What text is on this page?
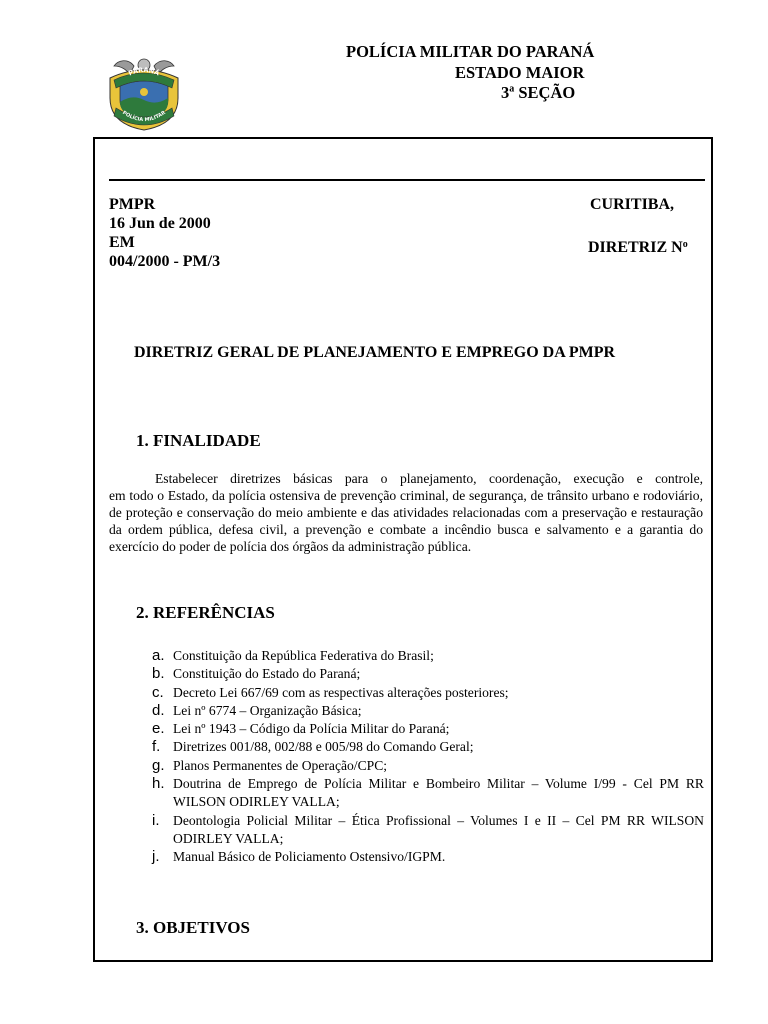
PARANÁ
POLÍCIA MILITAR
POLÍCIA MILITAR DO PARANÁ
ESTADO MAIOR
3$^a$ SEÇÃO
PMPR
16 Jun de 2000
EM
004/2000 - PM/3
CURITIBA,
DIRETRIZ $N^o$
DIRETRIZ GERAL DE PLANEJAMENTO E EMPREGO DA PMPR
1. FINALIDADE
Estabelecer diretrizes básicas para o planejamento, coordenação, execução e controle,
em todo o Estado, da polícia ostensiva de prevenção criminal, de segurança, de trânsito urbano e rodoviário, de proteção e conservação do meio ambiente e das atividades relacionadas com a preservação e restauração da ordem pública, defesa civil, a prevenção e combate a incêndio busca e salvamento e a garantia do exercício do poder de polícia dos órgãos da administração pública.
2. REFERÊNCIAS
a. Constituição da República Federativa do Brasil;
b. Constituição do Estado do Paraná;
c. Decreto Lei 667/69 com as respectivas alterações posteriores;
d. Lei nº 6774 – Organização Básica;
e. Lei nº 1943 – Código da Polícia Militar do Paraná;
f. Diretrizes 001/88, 002/88 e 005/98 do Comando Geral;
g. Planos Permanentes de Operação/CPC;
h. Doutrina de Emprego de Polícia Militar e Bombeiro Militar – Volume I/99 - Cel PM RR WILSON ODIRLEY VALLA;
i. Deontologia Policial Militar – Ética Profissional – Volumes I e II – Cel PM RR WILSON ODIRLEY VALLA;
j. Manual Básico de Policiamento Ostensivo/IGPM.
3. OBJETIVOS
